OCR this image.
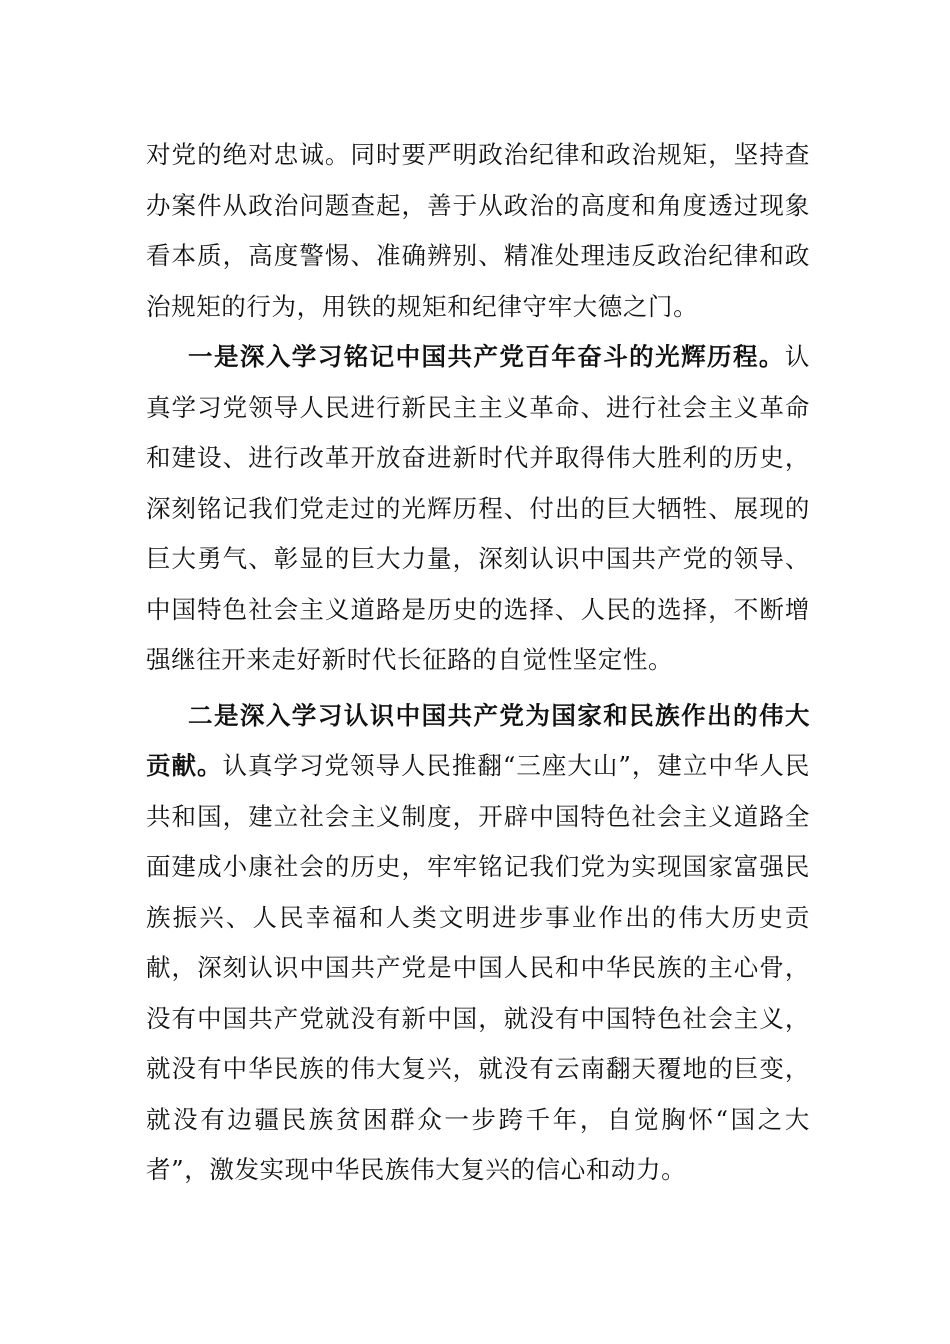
对党的绝对忠诚。同时要严明政治纪律和政治规矩，坚持查办案件从政治问题查起，善于从政治的高度和角度透过现象看本质，高度警惕、准确辨别、精准处理违反政治纪律和政治规矩的行为，用铁的规矩和纪律守牢大德之门。

一是深入学习铭记中国共产党百年奋斗的光辉历程。认真学习党领导人民进行新民主主义革命、进行社会主义革命和建设、进行改革开放奋进新时代并取得伟大胜利的历史，深刻铭记我们党走过的光辉历程、付出的巨大牺牲、展现的巨大勇气、彰显的巨大力量，深刻认识中国共产党的领导、中国特色社会主义道路是历史的选择、人民的选择，不断增强继往开来走好新时代长征路的自觉性坚定性。

二是深入学习认识中国共产党为国家和民族作出的伟大贡献。认真学习党领导人民推翻“三座大山”，建立中华人民共和国，建立社会主义制度，开辟中国特色社会主义道路全面建成小康社会的历史，牢牢铭记我们党为实现国家富强民族振兴、人民幸福和人类文明进步事业作出的伟大历史贡献，深刻认识中国共产党是中国人民和中华民族的主心骨，没有中国共产党就没有新中国，就没有中国特色社会主义，就没有中华民族的伟大复兴，就没有云南翻天覆地的巨变，就没有边疆民族贫困群众一步跨千年，自觉胸怀“国之大者”，激发实现中华民族伟大复兴的信心和动力。
